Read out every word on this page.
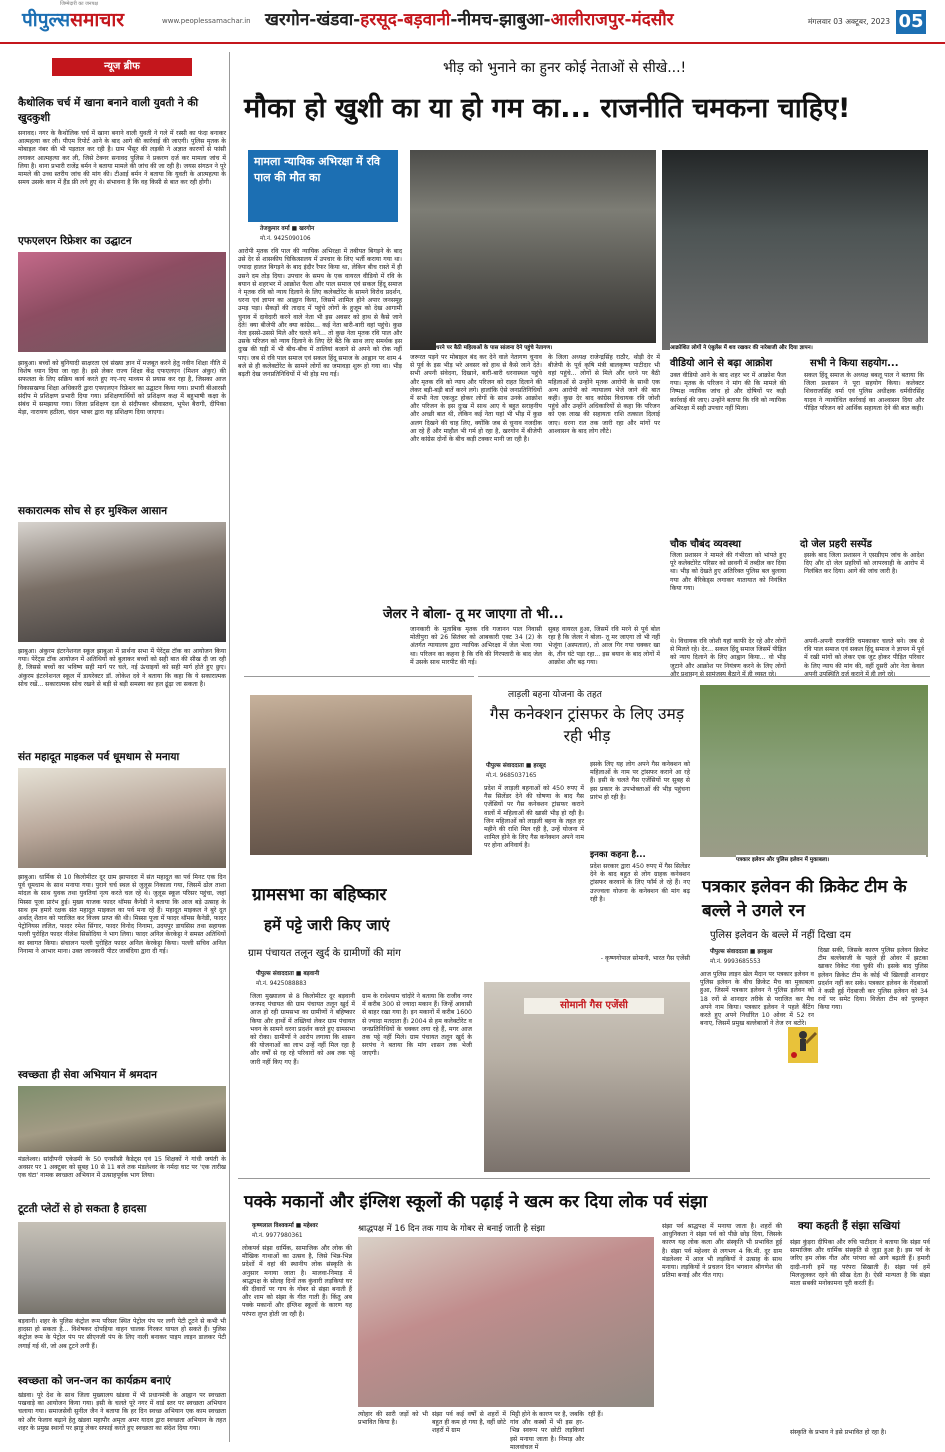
पीपुल्ससमाचार
जिम्मेदारी का जनपक्ष
www.peoplessamachar.in खरगोन-खंडवा-हरसूद-बड़वानी-नीमच-झाबुआ-आलीराजपुर-मंदसौर	मंगलवार 03 अक्टूबर, 2023 05
न्यूज ब्रीफ
कैथोलिक चर्च में खाना बनाने वाली युवती ने की खुदकुशी
सनावद। नगर के कैथोलिक चर्च में खाना बनाने वाली युवती ने गले में रस्सी का फंदा बनाकर आत्महत्या कर ली। पीएम रिपोर्ट आने के बाद आगे की कार्रवाई की जाएगी। पुलिस मृतक के मोबाइल नंबर की भी पड़ताल कर रही है। ग्राम भैंसूर की लड़की ने अज्ञात कारणों से फांसी लगाकर आत्महत्या कर ली, जिसे टेक्नर सनावद पुलिस ने प्रकरण दर्ज कर मामला जांच में लिया है। थाना प्रभारी राजेंद्र बर्मन ने बताया मामले की जांच की जा रही है। जयस संगठन ने पूरे मामले की उच्च स्तरीय जांच की मांग की। टीआई बर्मन ने बताया कि युवती के आत्महत्या के समय उसके कान में हैंड फ्री लगे हुए थे। संभावना है कि वह किसी से बात कर रही होगी।
एफएलएन रिफ्रेशर का उद्घाटन
झाबुआ। बच्चों को बुनियादी साक्षरता एवं संख्या ज्ञान में मजबूत करने हेतु नवीन शिक्षा नीति में विशेष ध्यान दिया जा रहा है। इसे लेकर राज्य शिक्षा केंद्र एफएलएन (मिशन अंकुर) की सफलता के लिए सक्रिय कार्य करते हुए नए-नए माध्यम से प्रयास कर रहा है, जिसका आज विकासखण्ड शिक्षा अधिकारी द्वारा एफएलएन रिफ्रेशर का उद्घाटन किया गया। प्रभारी बीआरसी संदीप मे प्रशिक्षण प्रभारी दिया गया। प्रशिक्षणार्थियों को प्रशिक्षण कक्ष में बहुभाषी कक्षा के संबंध में समझाया गया। जिला प्रशिक्षण दल से संदीपकर श्रीवास्तव, भूपेश बैरागी, दीपिका मेड़ा, नारायण हठीला, चंदन भाबर द्वारा यह प्रशिक्षण दिया जाएगा।
सकारात्मक सोच से हर मुश्किल आसान
झाबुआ। अंकुरम इंटरनेशनल स्कूल झाबुआ में प्रार्थना सभा में पेरेंट्स टॉक का आयोजन किया गया। पेरेंट्स टॉक आयोजन में अतिथियों को बुलाकर बच्चों को सही बात की सीख दी जा रही है, जिससे बच्चों का भविष्य सही मार्ग पर चले, नई ऊंचाइयों को सही मार्ग होते हुए छुए। अंकुरम इंटरनेशनल स्कूल में डायरेक्टर डॉ. लोकेश दवे ने बताया कि कहा कि ये सकारात्मक सोच रखें... सकारात्मक सोच रखने से बड़ी से बड़ी समस्या का हल ढूंढ़ा जा सकता है।
संत महादूत माइकल पर्व धूमधाम से मनाया
झाबुआ। धार्मिक से 10 किलोमीटर दूर ग्राम झापादरा में संत महादूत का पर्व मिनट एक दिन पूर्व धूमधाम के साथ मनाया गया। पुराने चर्च स्थल से जुलूस निकाला गया, जिसमें ढोल ताशा मांदल के साथ युवक तथा युवतियां नृत्य करते चल रहे थे। जुलूस स्कूल परिसर पहुंचा, जहां मिस्सा पूजा प्रारंभ हुई। मुख्य याजक फादर थॉमस कैनेडी ने बताया कि आज बड़े उत्साह के साथ हम हमारे रक्षक संत महादूत माइकल का पर्व मना रहे हैं। महादूत माइकल ने बुरे दूत अर्थात् शैतान को पराजित कर विजय प्राप्त की थी। मिस्सा पूजा में फादर थॉमस कैनेडी, फादर पेट्रोनियस ललित, फादर रमेश सिंगार, फादर विनोद निनामा, उदयपुर डायसिस तथा सहायक पल्ली पुरोहित फादर नीलेश सिसोदिया ने भाग लिया। फादर अनिल केरकेट्टा ने समस्त अतिथियों का स्वागत किया। संचालन पल्ली पुरोहित फादर अनिल केरकेट्टा किया। पल्ली सचिव अनिल निनामा ने आभार माना। उक्त जानकारी पीटर जाबंदिया द्वारा दी गई।
स्वच्छता ही सेवा अभियान में श्रमदान
मंडलेश्वर। सांदीपनी एकेडमी के 50 एनसीसी कैडेट्स एवं 15 शिक्षकों ने गांधी जयंती के अवसर पर 1 अक्टूबर को सुबह 10 से 11 बजे तक मंडलेश्वर के नर्मदा घाट पर 'एक तारीख एक घंटा' नामक स्वच्छता अभियान में उत्साहपूर्वक भाग लिया।
टूटती प्लेटों से हो सकता है हादसा
बड़वानी। शहर के पुलिस कंट्रोल रूम परिसर स्थित पेट्रोल पंप पर लगी पेटी टूटने से कभी भी हादसा हो सकता है... विशेषकर दोपहिया वाहन चालक गिरकर घायल हो सकते हैं। पुलिस कंट्रोल रूम के पेट्रोल पंप पर सीएनजी पंप के लिए नाली बनाकर पाइप लाइन डालकर पेटी लगाई गई थी, जो अब टूटने लगी हैं।
स्वच्छता को जन-जन का कार्यक्रम बनाएं
खंडवा। पूरे देश के साथ जिला मुख्यालय खंडवा में भी प्रधानमंत्री के आह्वान पर स्वच्छता पखवाड़े का आयोजन किया गया। इसी के चलते पूरे नगर में वार्ड स्तर पर स्वच्छता अभियान चलाया गया। समाजसेवी सुनील जैन ने बताया कि हर दिन स्वच्छ अभियान एक काम स्वच्छता को और फेलाव बढ़ाने हेतु खंडवा महापौर अमृता अमर यादव द्वारा स्वच्छता अभियान के तहत शहर के प्रमुख स्थानों पर झाड़ू लेकर सफाई करते हुए स्वच्छता का संदेश दिया गया।
भीड़ को भुनाने का हुनर कोई नेताओं से सीखे...!
मौका हो खुशी का या हो गम का... राजनीति चमकना चाहिए!
मामला न्यायिक अभिरक्षा में रवि पाल की मौत का
तेजकुमार वर्मा ■ खरगोन
मो.नं. 9425090106
आरोपी मृतक रवि पाल की न्यायिक अभिरक्षा में तबीयत बिगड़ने के बाद उसे देर से शासकीय चिकित्सालय में उपचार के लिए भर्ती कराया गया था। ज्यादा हालत बिगड़ने के बाद इंदौर रैफर किया था, लेकिन बीच रास्ते में ही उसने दम तोड़ दिया। उपचार के समय के एक वायरल वीडियो में रवि के बयान से शहरभर में आक्रोश फैला और पाल समाज एवं सकल हिंदू समाज ने मृतक रवि को न्याय दिलाने के लिए कलेक्टोरेट के सामने विरोध प्रदर्शन, धरना एवं ज्ञापन का आह्वान किया, जिसमें शामिल होने अपार जनसमूह उमड़ पड़ा। सैकड़ों की तादाद में पहुंचे लोगों के हुजूम को देख आगामी चुनाव में दावेदारी करने वाले नेता भी इस अवसर को हाथ से कैसे जाने देते! क्या बीजेपी और क्या कांग्रेस... कई नेता बारी-बारी वहां पहुंचे। कुछ नेता इससे-उससे मिले और चलते बने... तो कुछ नेता मृतक रवि पाल और उसके परिजन को न्याय दिलाने के लिए देरे बैठे कि साथ लाए समर्थक इस दुःख की घड़ी में भी बीच-बीच में तालियां बजाने से अपने को रोक नहीं पाए। जब से रवि पाल समाज एवं सकल हिंदू समाज के आह्वान पर शाम 4 बजे से ही कलेक्टोरेट के सामने लोगों का जमावड़ा शुरू हो गया था। भीड़ बढ़ती देख जनप्रतिनिधियों में भी होड़ मच गई।
धरने पर बैठी महिलाओं के पास सांत्वना देने पहुंचे नेतागण।	आक्रोशित लोगों ने एंबुलेंस में शव रखकर की नारेबाजी और दिया ज्ञापन।
जरूरत पड़ने पर मोबाइल बंद कर देने वाले नेतागण चुनाव से पूर्व के इस भीड़ भरे अवसर को हाथ से कैसे जाने देते। सभी अपनी संवेदना, दिखाने, बारी-बारी धरनास्थल पहुंचे और मृतक रवि को न्याय और परिजन को राहत दिलाने की लेकर बड़ी-बड़ी बातें करने लगे। हालांकि ऐसे जनप्रतिनिधियों में सभी नेता एकजुट होकर लोगों के साथ उनके आक्रोश और परिजन के इस दुःख में साथ आए ये बहुत सराहनीय और अच्छी बात थी, लेकिन कई नेता यहां भी भीड़ में कुछ अलग दिखने की चाह लिए, क्योंकि जब से चुनाव नजदीक आ रहे हैं और माहौल भी गर्म हो रहा है, खरगोन में बीजेपी और कांग्रेस दोनों के बीच कड़ी टक्कर मानी जा रही है।
के जिला अध्यक्ष राजेन्द्रसिंह राठौर, थोड़ी देर में बीजेपी के पूर्व कृषि मंत्री बालकृष्ण पाटीदार भी वहां पहुंचे... लोगों से मिले और धरने पर बैठी महिलाओं से उन्होंने मृतक आरोपी के साथी एक अन्य आरोपी को न्यायालय भेजे जाने की बात कही। कुछ देर बाद कांग्रेस विधायक रवि जोशी पहुंचे और उन्होंने अधिकारियों से कहा कि परिजन को एक लाख की सहायता राशि तत्काल दिलाई जाए। धरना रात तक जारी रहा और मांगों पर आश्वासन के बाद लोग लौटे।
वीडियो आने से बढ़ा आक्रोश
उक्त वीडियो आने के बाद शहर भर में आक्रोश फैल गया। मृतक के परिजन ने मांग की कि मामले की निष्पक्ष न्यायिक जांच हो और दोषियों पर कड़ी कार्रवाई की जाए। उन्होंने बताया कि रवि को न्यायिक अभिरक्षा में सही उपचार नहीं मिला।
सभी ने किया सहयोग...
सकल हिंदू समाज के अध्यक्ष बबलू पाल ने बताया कि जिला प्रशासन ने पूरा सहयोग किया। कलेक्टर शिवराजसिंह वर्मा एवं पुलिस अधीक्षक धर्मवीरसिंह यादव ने न्यायोचित कार्रवाई का आश्वासन दिया और पीड़ित परिजन को आर्थिक सहायता देने की बात कही।
चौक चौबंद व्यवस्था
जिला प्रशासन ने मामले की गंभीरता को भांपते हुए पूरे कलेक्टोरेट परिसर को छावनी में तब्दील कर दिया था। भीड़ को देखते हुए अतिरिक्त पुलिस बल बुलाया गया और बैरिकेड्स लगाकर यातायात को नियंत्रित किया गया।
दो जेल प्रहरी सस्पेंड
इसके बाद जिला प्रशासन ने एसडीएम जांच के आदेश दिए और दो जेल प्रहरियों को लापरवाही के आरोप में निलंबित कर दिया। आगे की जांच जारी है।
जेलर ने बोला- तू मर जाएगा तो भी...
जानकारी के मुताबिक मृतक रवि गजानन पाल निवासी मोतीपुरा को 26 सितंबर को आबकारी एक्ट 34 (2) के अंतर्गत न्यायालय द्वारा न्यायिक अभिरक्षा में जेल भेजा गया था। परिजन का कहना है कि रवि की गिरफ्तारी के बाद जेल में उसके साथ मारपीट की गई।
सुबह वायरल हुआ, जिसमें रवि मरने से पूर्व बोल रहा है कि जेलर ने बोला- तू मर जाएगा तो भी नहीं भेजूंगा (अस्पताल), तो आज गिर गया चक्कर खा के, तीन घंटे पड़ा रहा... इस बयान के बाद लोगों में आक्रोश और बढ़ गया।
थे। विधायक रवि जोशी यहां काफी देर रहे और लोगों से मिलते रहे। देर... सकल हिंदू समाज जिसमें पीड़ित को न्याय दिलाने के लिए आह्वान किया... वो भीड़ जुटाने और आक्रोश पर नियंत्रण करने के लिए लोगों और प्रशासन से सामंजस्य बैठाने में ही व्यस्त रहे।
अपनी-अपनी राजनीति चमकाकर चलते बने। जब से रवि पाल समाज एवं सकल हिंदू समाज ने ज्ञापन में पूर्व में रखी मांगों को लेकर एक जुट होकर पीड़ित परिवार के लिए न्याय की मांग की, वहीं दूसरी ओर नेता केवल अपनी उपस्थिति दर्ज कराने में ही लगे रहे।
ग्रामसभा का बहिष्कार
हमें पट्टे जारी किए जाएं
ग्राम पंचायत तलून खुर्द के ग्रामीणों की मांग
पीपुल्स संवाददाता ■ बड़वानी
मो.नं. 9425088883
जिला मुख्यालय से 8 किलोमीटर दूर बड़वानी जनपद पंचायत की ग्राम पंचायत तलून खुर्द में आज हो रही ग्रामसभा का ग्रामीणों ने बहिष्कार किया और हाथों में तख्तियां लेकर ग्राम पंचायत भवन के सामने धरना प्रदर्शन करते हुए ग्रामसभा को रोका। ग्रामीणों ने आरोप लगाया कि शासन की योजनाओं का लाभ उन्हें नहीं मिल रहा है और वर्षों से रह रहे परिवारों को अब तक पट्टे जारी नहीं किए गए हैं।
ग्राम के राधेश्याम चांदोरे ने बताया कि राजीव नगर में करीब 300 से ज्यादा मकान हैं। जिन्हें आवासी से बाहर रखा गया है। इन मकानों में करीब 1600 से ज्यादा मतदाता हैं। 2004 से हम कलेक्टोरेट व जनप्रतिनिधियों के चक्कर लगा रहे हैं, मगर आज तक पट्टे नहीं मिले। ग्राम पंचायत तलून खुर्द के सरपंच ने बताया कि मांग शासन तक भेजी जाएगी।
लाड़ली बहना योजना के तहत
गैस कनेक्शन ट्रांसफर के लिए उमड़ रही भीड़
पीपुल्स संवाददाता ■ हरसूद
मो.नं. 9685037165
प्रदेश में लाड़ली बहनाओं को 450 रुपए में गैस सिलेंडर देने की घोषणा के बाद गैस एजेंसियों पर गैस कनेक्शन ट्रांसफर कराने वालों में महिलाओं की खासी भीड़ हो रही है। जिन महिलाओं को लाड़ली बहना के तहत हर महीने की राशि मिल रही है, उन्हें योजना में शामिल होने के लिए गैस कनेक्शन अपने नाम पर होना अनिवार्य है।
इसके लिए यह लोग अपने गैस कनेक्शन को महिलाओं के नाम पर ट्रांसफर कराने आ रहे हैं। इसी के चलते गैस एजेंसियों पर सुबह से इस प्रकार के उपभोक्ताओं की भीड़ पहुंचना प्रारंभ हो रही है।
इनका कहना है...
प्रदेश सरकार द्वारा 450 रुपए में गैस सिलेंडर देने के बाद बहुत से लोग ग्राहक कनेक्शन ट्रांसफर करवाने के लिए फॉर्म ले रहे हैं। नए उज्ज्वला योजना के कनेक्शन की मांग बढ़ रही है।
- कृष्णगोपाल सोमानी, भारत गैस एजेंसी
सोमानी गैस एजेंसी
पत्रकार इलेवन और पुलिस इलेवन में मुकाबला।
पत्रकार इलेवन की क्रिकेट टीम के बल्ले ने उगले रन
पुलिस इलेवन के बल्ले में नहीं दिखा दम
पीपुल्स संवाददाता ■ झाबुआ
मो.नं. 9993685553
आज पुलिस लाइन खेल मैदान पर पत्रकार इलेवन व पुलिस इलेवन के बीच क्रिकेट मैच का मुकाबला हुआ, जिसमें पत्रकार इलेवन ने पुलिस इलेवन को 18 रनों से शानदार तरीके से पराजित कर मैच अपने नाम किया। पत्रकार इलेवन ने पहले बैटिंग करते हुए अपने निर्धारित 10 ओवर में 52 रन बनाए, जिसमें प्रमुख बल्लेबाजों ने तेज रन बटोरे।
दिखा सकी, जिसके कारण पुलिस इलेवन क्रिकेट टीम बल्लेबाजी के पहले ही ओवर में झटका खाकर विकेट गंवा चुकी थी। इसके बाद पुलिस इलेवन क्रिकेट टीम के कोई भी खिलाड़ी शानदार प्रदर्शन नहीं कर सके। पत्रकार इलेवन के गेंदबाजों ने कसी हुई गेंदबाजी कर पुलिस इलेवन को 34 रनों पर समेट दिया। विजेता टीम को पुरस्कृत किया गया।
पक्के मकानों और इंग्लिश स्कूलों की पढ़ाई ने खत्म कर दिया लोक पर्व संझा
कृष्णलाल विश्वकर्मा ■ महेश्वर
मो.नं. 9977980361
लोकपर्व संझा धार्मिक, सामाजिक और लोक की मौखिक गाथाओं का उत्सव है, जिसे भिन्न-भिन्न प्रदेशों में वहां की स्थानीय लोक संस्कृति के अनुसार मनाया जाता है। मालवा-निमाड़ में श्राद्धपक्ष के सोलह दिनों तक कुंवारी लड़कियां घर की दीवारों पर गाय के गोबर से संझा बनाती हैं और शाम को संझा के गीत गाती हैं। किंतु अब पक्के मकानों और इंग्लिश स्कूलों के कारण यह परंपरा लुप्त होती जा रही है।
श्राद्धपक्ष में 16 दिन तक गाय के गोबर से बनाई जाती है संझा
त्योहार की सारी जड़ों को भी प्रभावित किया है।
संझा पर्व कई वर्षों से शहरों में बहुत ही कम हो गया है, वहीं छोटे शहरों में ग्राम
मिट्टी होने के कारण पर है, जबकि गांव और कस्बों में भी इस हर-भिन्न स्वरूप पर छोटी लड़कियां इसे मनाया जाता है। निमाड़ और मालवांचल में
रही हैं।
संझा पर्व श्राद्धपक्ष में मनाया जाता है। शहरों की आधुनिकता ने संझा पर्व को पीछे छोड़ दिया, जिसके कारण यह लोक कला और संस्कृति भी प्रभावित हुई है। संझा पर्व महेश्वर से लगभग 4 कि.मी. दूर ग्राम मंडलेश्वर में आज भी लड़कियों ने उत्साह के साथ मनाया। लड़कियों ने प्रचलन दिन भगवान श्रीगणेश की प्रतिमा बनाई और गीत गाए।
क्या कहती हैं संझा सखियां
संझा कुंड़रा दीपिका और रुचि पाटीदार ने बताया कि संझा पर्व सामाजिक और धार्मिक संस्कृति से जुड़ा हुआ है। इस पर्व के जरिए हम लोक गीत और परंपरा को आगे बढ़ाती हैं। हमारी दादी-नानी हमें यह परंपरा सिखाती हैं। संझा पर्व हमें मिलजुलकर रहने की सीख देता है। ऐसी मान्यता है कि संझा माता सबकी मनोकामना पूरी करती हैं।
संस्कृति के प्रभाव ने इसे प्रभावित हो रहा है।
